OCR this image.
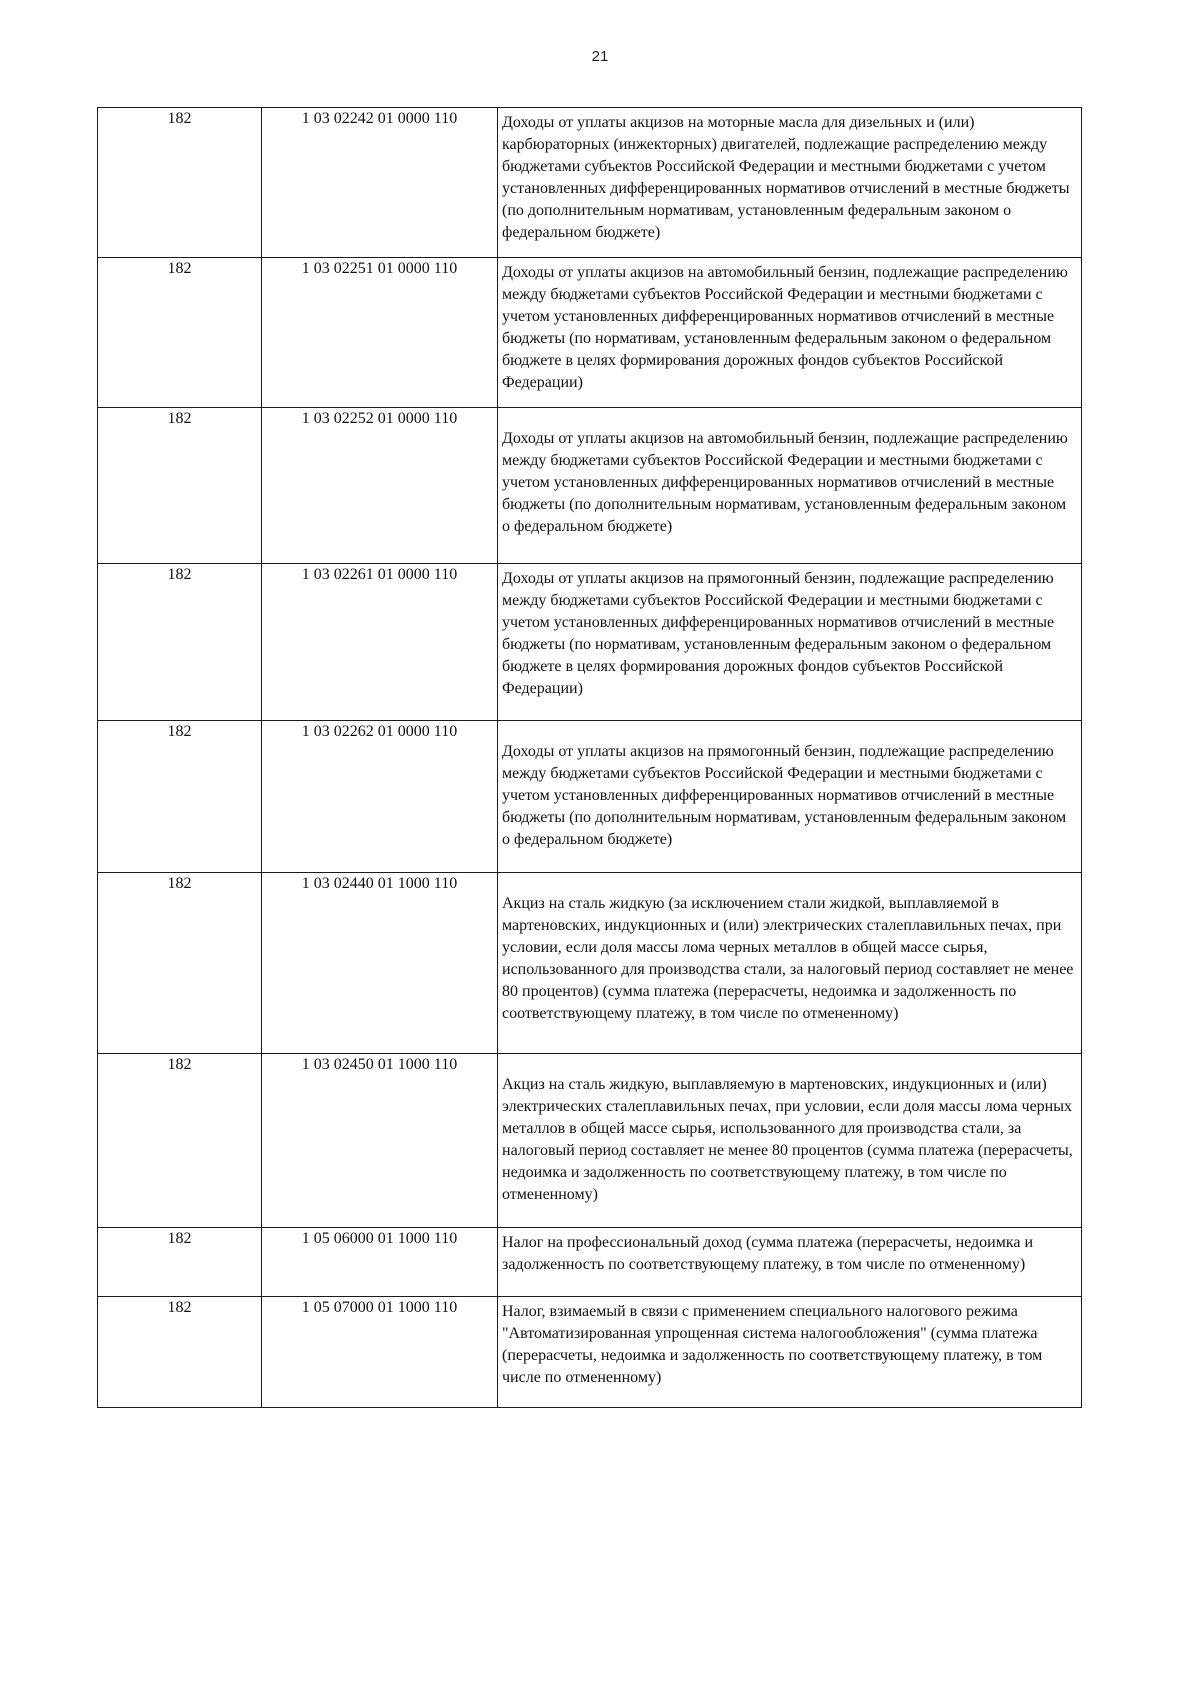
21
182	1 03 02242 01 0000 110	Доходы от уплаты акцизов на моторные масла для дизельных и (или) карбюраторных (инжекторных) двигателей, подлежащие распределению между бюджетами субъектов Российской Федерации и местными бюджетами с учетом установленных дифференцированных нормативов отчислений в местные бюджеты (по дополнительным нормативам, установленным федеральным законом о федеральном бюджете)
182	1 03 02251 01 0000 110	Доходы от уплаты акцизов на автомобильный бензин, подлежащие распределению между бюджетами субъектов Российской Федерации и местными бюджетами с учетом установленных дифференцированных нормативов отчислений в местные бюджеты (по нормативам, установленным федеральным законом о федеральном бюджете в целях формирования дорожных фондов субъектов Российской Федерации)
182	1 03 02252 01 0000 110	Доходы от уплаты акцизов на автомобильный бензин, подлежащие распределению между бюджетами субъектов Российской Федерации и местными бюджетами с учетом установленных дифференцированных нормативов отчислений в местные бюджеты (по дополнительным нормативам, установленным федеральным законом о федеральном бюджете)
182	1 03 02261 01 0000 110	Доходы от уплаты акцизов на прямогонный бензин, подлежащие распределению между бюджетами субъектов Российской Федерации и местными бюджетами с учетом установленных дифференцированных нормативов отчислений в местные бюджеты (по нормативам, установленным федеральным законом о федеральном бюджете в целях формирования дорожных фондов субъектов Российской Федерации)
182	1 03 02262 01 0000 110	Доходы от уплаты акцизов на прямогонный бензин, подлежащие распределению между бюджетами субъектов Российской Федерации и местными бюджетами с учетом установленных дифференцированных нормативов отчислений в местные бюджеты (по дополнительным нормативам, установленным федеральным законом о федеральном бюджете)
182	1 03 02440 01 1000 110	Акциз на сталь жидкую (за исключением стали жидкой, выплавляемой в мартеновских, индукционных и (или) электрических сталеплавильных печах, при условии, если доля массы лома черных металлов в общей массе сырья, использованного для производства стали, за налоговый период составляет не менее 80 процентов) (сумма платежа (перерасчеты, недоимка и задолженность по соответствующему платежу, в том числе по отмененному)
182	1 03 02450 01 1000 110	Акциз на сталь жидкую, выплавляемую в мартеновских, индукционных и (или) электрических сталеплавильных печах, при условии, если доля массы лома черных металлов в общей массе сырья, использованного для производства стали, за налоговый период составляет не менее 80 процентов (сумма платежа (перерасчеты, недоимка и задолженность по соответствующему платежу, в том числе по отмененному)
182	1 05 06000 01 1000 110	Налог на профессиональный доход (сумма платежа (перерасчеты, недоимка и задолженность по соответствующему платежу, в том числе по отмененному)
182	1 05 07000 01 1000 110	Налог, взимаемый в связи с применением специального налогового режима "Автоматизированная упрощенная система налогообложения" (сумма платежа (перерасчеты, недоимка и задолженность по соответствующему платежу, в том числе по отмененному)
